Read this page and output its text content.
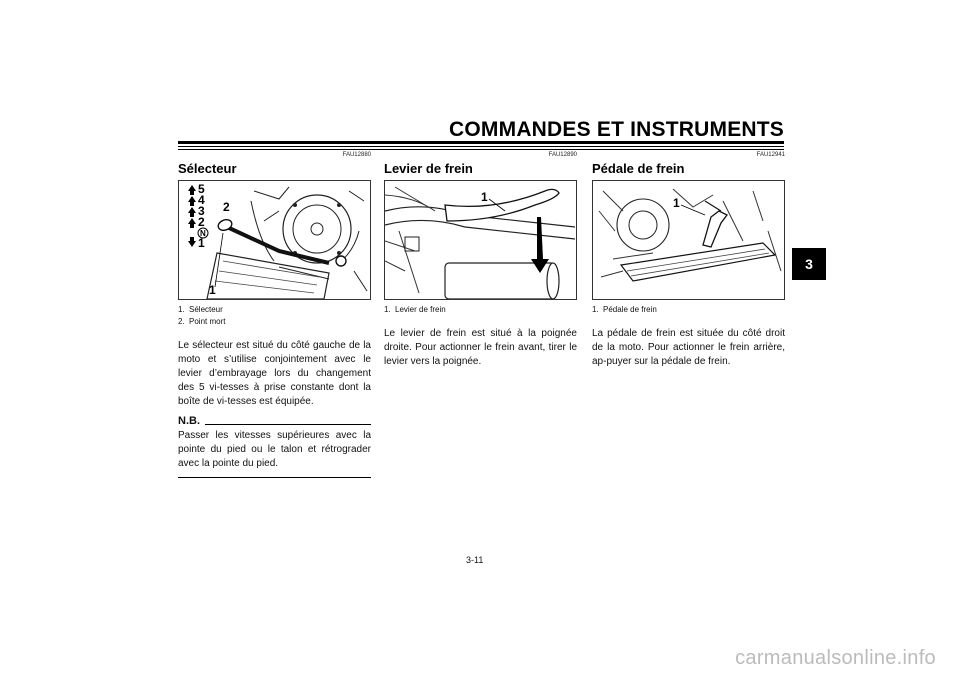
COMMANDES ET INSTRUMENTS
3
FAU12880
Sélecteur
5
4
3
2
N
1
2
1
1. Sélecteur
2. Point mort
Le sélecteur est situé du côté gauche de la moto et s’utilise conjointement avec le levier d’embrayage lors du changement des 5 vi-tesses à prise constante dont la boîte de vi-tesses est équipée.
N.B.
Passer les vitesses supérieures avec la pointe du pied ou le talon et rétrograder avec la pointe du pied.
FAU12890
Levier de frein
1
1. Levier de frein
Le levier de frein est situé à la poignée droite. Pour actionner le frein avant, tirer le levier vers la poignée.
FAU12941
Pédale de frein
1
1. Pédale de frein
La pédale de frein est située du côté droit de la moto. Pour actionner le frein arrière, ap-puyer sur la pédale de frein.
3-11
carmanualsonline.info
